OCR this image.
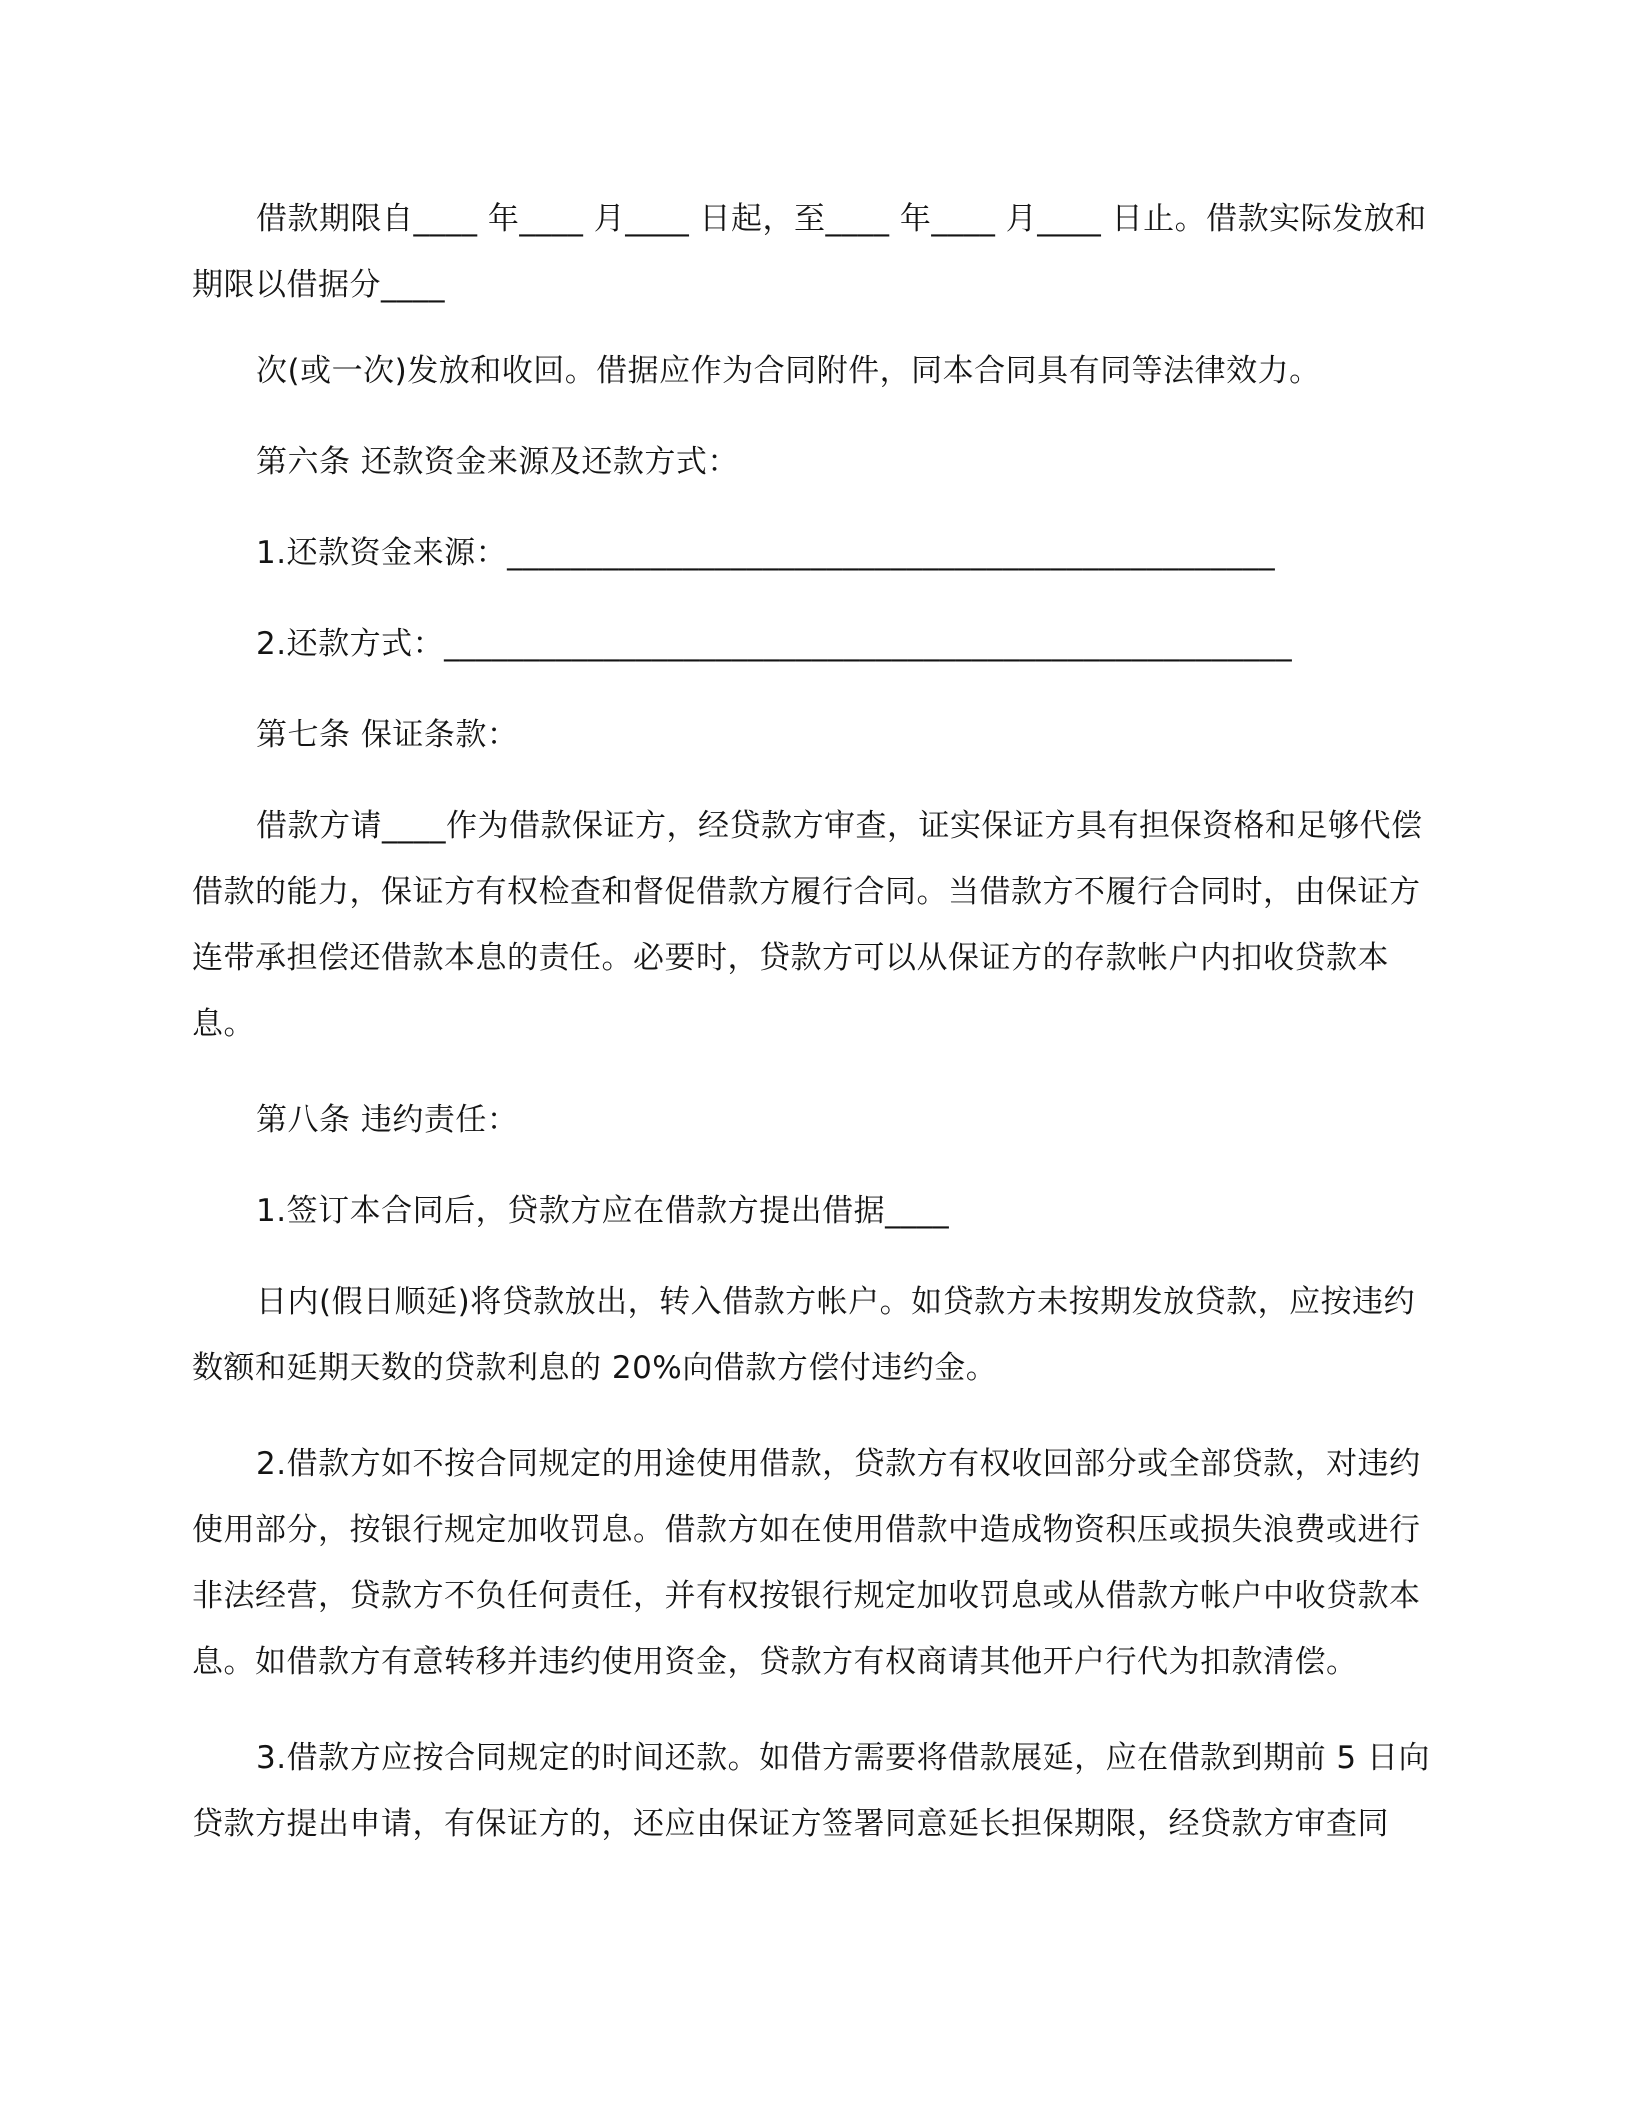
借款期限自____ 年____ 月____ 日起，至____ 年____ 月____ 日止。借款实际发放和期限以借据分____

次(或一次)发放和收回。借据应作为合同附件，同本合同具有同等法律效力。

第六条 还款资金来源及还款方式：

1.还款资金来源：________________________________________________

2.还款方式：_____________________________________________________

第七条 保证条款：

借款方请____作为借款保证方，经贷款方审查，证实保证方具有担保资格和足够代偿借款的能力，保证方有权检查和督促借款方履行合同。当借款方不履行合同时，由保证方连带承担偿还借款本息的责任。必要时，贷款方可以从保证方的存款帐户内扣收贷款本息。

第八条 违约责任：

1.签订本合同后，贷款方应在借款方提出借据____

日内(假日顺延)将贷款放出，转入借款方帐户。如贷款方未按期发放贷款，应按违约数额和延期天数的贷款利息的 20%向借款方偿付违约金。

2.借款方如不按合同规定的用途使用借款，贷款方有权收回部分或全部贷款，对违约使用部分，按银行规定加收罚息。借款方如在使用借款中造成物资积压或损失浪费或进行非法经营，贷款方不负任何责任，并有权按银行规定加收罚息或从借款方帐户中收贷款本息。如借款方有意转移并违约使用资金，贷款方有权商请其他开户行代为扣款清偿。

3.借款方应按合同规定的时间还款。如借方需要将借款展延，应在借款到期前 5 日向贷款方提出申请，有保证方的，还应由保证方签署同意延长担保期限，经贷款方审查同
